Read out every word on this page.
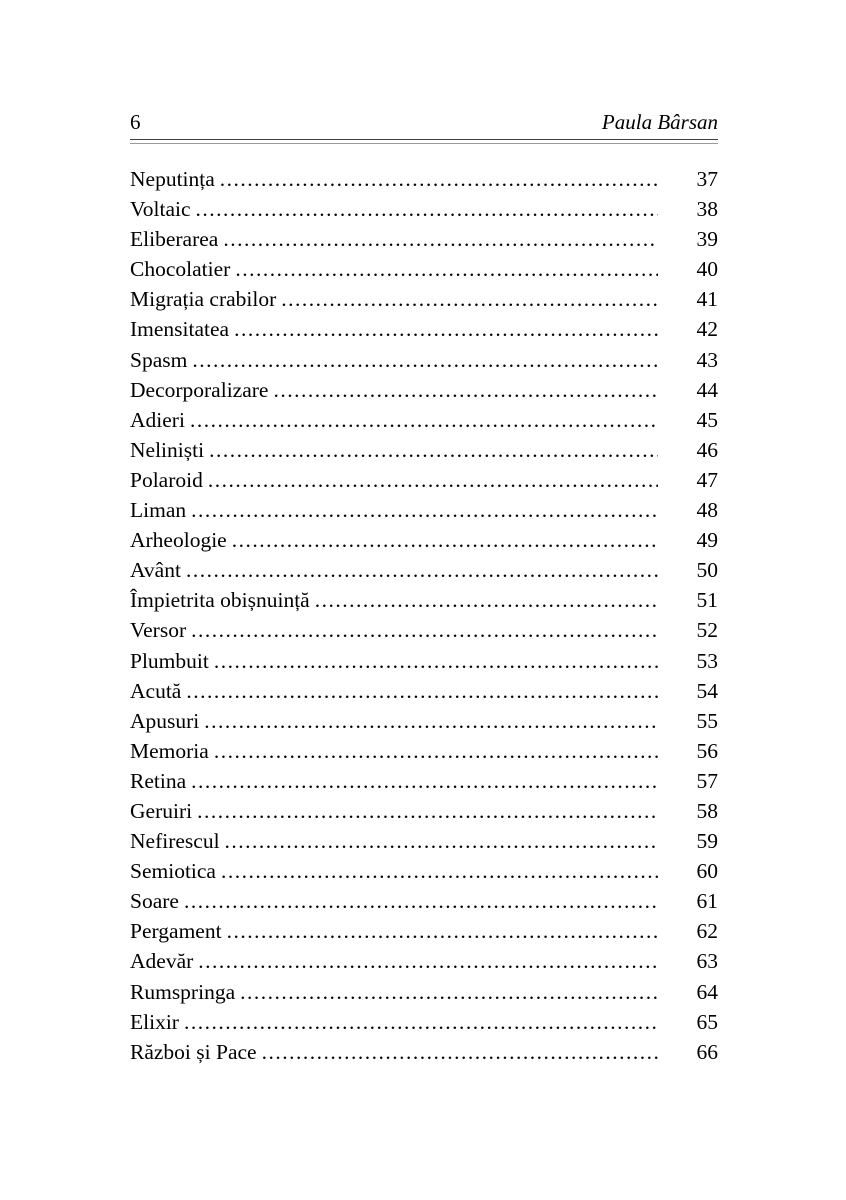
6	Paula Bârsan
Neputința .....	37
Voltaic .....	38
Eliberarea .....	39
Chocolatier .....	40
Migrația crabilor .....	41
Imensitatea .....	42
Spasm .....	43
Decorporalizare .....	44
Adieri .....	45
Neliniști .....	46
Polaroid .....	47
Liman .....	48
Arheologie .....	49
Avânt .....	50
Împietrita obișnuință .....	51
Versor .....	52
Plumbuit .....	53
Acută .....	54
Apusuri .....	55
Memoria .....	56
Retina .....	57
Geruiri .....	58
Nefirescul .....	59
Semiotica .....	60
Soare .....	61
Pergament .....	62
Adevăr .....	63
Rumspringa .....	64
Elixir .....	65
Război și Pace .....	66
